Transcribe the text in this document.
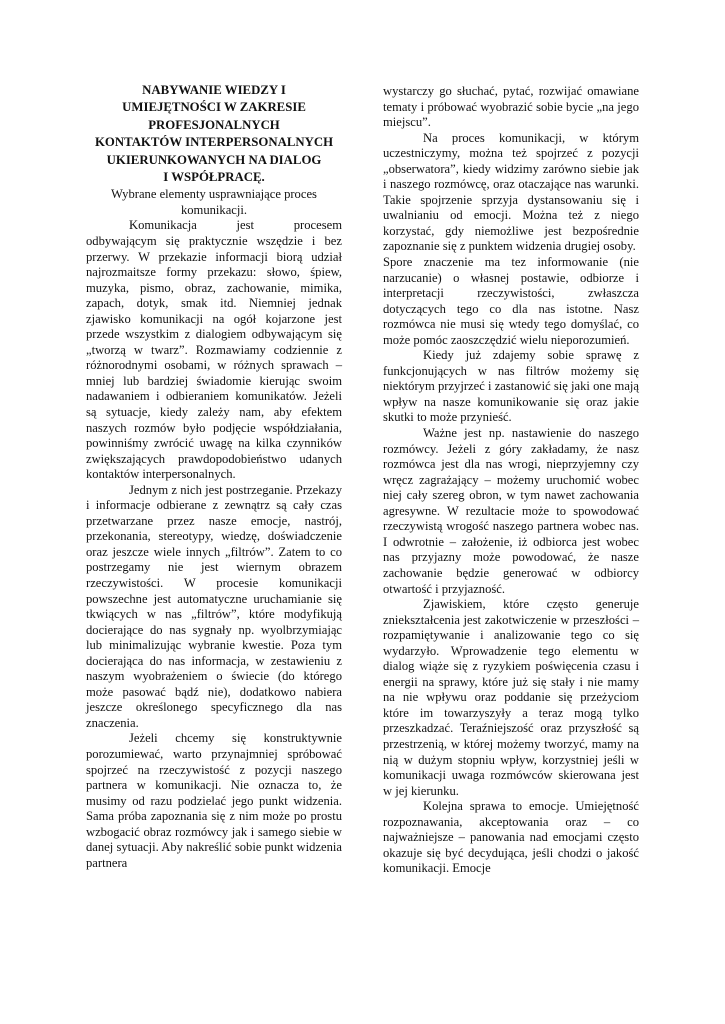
NABYWANIE WIEDZY I

UMIEJĘTNOŚCI W ZAKRESIE

PROFESJONALNYCH

KONTAKTÓW INTERPERSONALNYCH

UKIERUNKOWANYCH NA DIALOG

I WSPÓŁPRACĘ.

Wybrane elementy usprawniające proces komunikacji.

Komunikacja jest procesem odbywającym się praktycznie wszędzie i bez przerwy. W przekazie informacji biorą udział najrozmaitsze formy przekazu: słowo, śpiew, muzyka, pismo, obraz, zachowanie, mimika, zapach, dotyk, smak itd. Niemniej jednak zjawisko komunikacji na ogół kojarzone jest przede wszystkim z dialogiem odbywającym się „tworzą w twarz”. Rozmawiamy codziennie z różnorodnymi osobami, w różnych sprawach – mniej lub bardziej świadomie kierując swoim nadawaniem i odbieraniem komunikatów. Jeżeli są sytuacje, kiedy zależy nam, aby efektem naszych rozmów było podjęcie współdziałania, powinniśmy zwrócić uwagę na kilka czynników zwiększających prawdopodobieństwo udanych kontaktów interpersonalnych.

Jednym z nich jest postrzeganie. Przekazy i informacje odbierane z zewnątrz są cały czas przetwarzane przez nasze emocje, nastrój, przekonania, stereotypy, wiedzę, doświadczenie oraz jeszcze wiele innych „filtrów”. Zatem to co postrzegamy nie jest wiernym obrazem rzeczywistości. W procesie komunikacji powszechne jest automatyczne uruchamianie się tkwiących w nas „filtrów”, które modyfikują docierające do nas sygnały np. wyolbrzymiając lub minimalizując wybranie kwestie. Poza tym docierająca do nas informacja, w zestawieniu z naszym wyobrażeniem o świecie (do którego może pasować bądź nie), dodatkowo nabiera jeszcze określonego specyficznego dla nas znaczenia.

Jeżeli chcemy się konstruktywnie porozumiewać, warto przynajmniej spróbować spojrzeć na rzeczywistość z pozycji naszego partnera w komunikacji. Nie oznacza to, że musimy od razu podzielać jego punkt widzenia. Sama próba zapoznania się z nim może po prostu wzbogacić obraz rozmówcy jak i samego siebie w danej sytuacji. Aby nakreślić sobie punkt widzenia partnera

wystarczy go słuchać, pytać, rozwijać omawiane tematy i próbować wyobrazić sobie bycie „na jego miejscu”.

Na proces komunikacji, w którym uczestniczymy, można też spojrzeć z pozycji „obserwatora”, kiedy widzimy zarówno siebie jak i naszego rozmówcę, oraz otaczające nas warunki. Takie spojrzenie sprzyja dystansowaniu się i uwalnianiu od emocji. Można też z niego korzystać, gdy niemożliwe jest bezpośrednie zapoznanie się z punktem widzenia drugiej osoby.

Spore znaczenie ma tez informowanie (nie narzucanie) o własnej postawie, odbiorze i interpretacji rzeczywistości, zwłaszcza dotyczących tego co dla nas istotne. Nasz rozmówca nie musi się wtedy tego domyślać, co może pomóc zaoszczędzić wielu nieporozumień.

Kiedy już zdajemy sobie sprawę z funkcjonujących w nas filtrów możemy się niektórym przyjrzeć i zastanowić się jaki one mają wpływ na nasze komunikowanie się oraz jakie skutki to może przynieść.

Ważne jest np. nastawienie do naszego rozmówcy. Jeżeli z góry zakładamy, że nasz rozmówca jest dla nas wrogi, nieprzyjemny czy wręcz zagrażający – możemy uruchomić wobec niej cały szereg obron, w tym nawet zachowania agresywne. W rezultacie może to spowodować rzeczywistą wrogość naszego partnera wobec nas. I odwrotnie – założenie, iż odbiorca jest wobec nas przyjazny może powodować, że nasze zachowanie będzie generować w odbiorcy otwartość i przyjazność.

Zjawiskiem, które często generuje zniekształcenia jest zakotwiczenie w przeszłości – rozpamiętywanie i analizowanie tego co się wydarzyło. Wprowadzenie tego elementu w dialog wiąże się z ryzykiem poświęcenia czasu i energii na sprawy, które już się stały i nie mamy na nie wpływu oraz poddanie się przeżyciom które im towarzyszyły a teraz mogą tylko przeszkadzać. Teraźniejszość oraz przyszłość są przestrzenią, w której możemy tworzyć, mamy na nią w dużym stopniu wpływ, korzystniej jeśli w komunikacji uwaga rozmówców skierowana jest w jej kierunku.

Kolejna sprawa to emocje. Umiejętność rozpoznawania, akceptowania oraz – co najważniejsze – panowania nad emocjami często okazuje się być decydująca, jeśli chodzi o jakość komunikacji. Emocje
